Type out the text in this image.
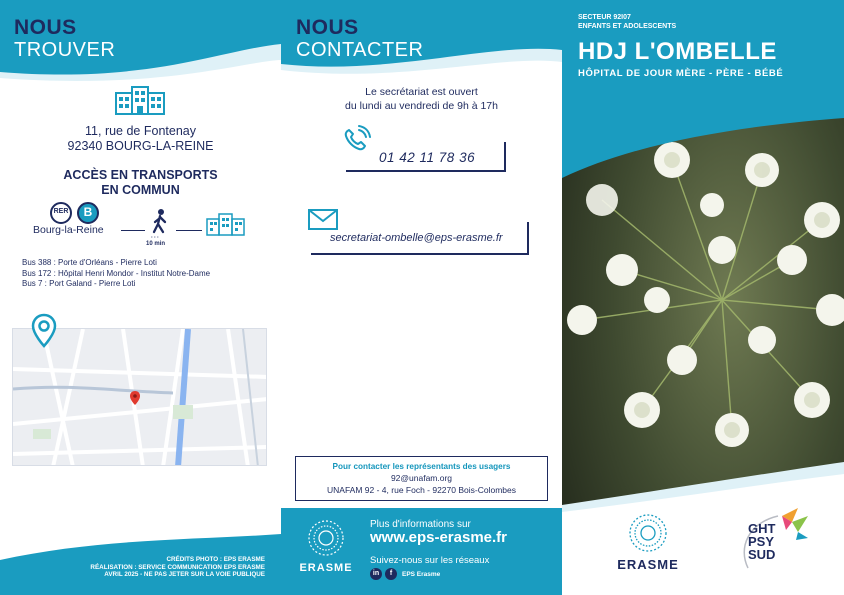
NOUS
TROUVER
11, rue de Fontenay
92340 BOURG-LA-REINE
ACCÈS EN TRANSPORTS
EN COMMUN
RER	B
Bourg-la-Reine
···
10 min
Bus 388 : Porte d'Orléans - Pierre Loti
Bus 172 : Hôpital Henri Mondor - Institut Notre-Dame
Bus 7 : Port Galand - Pierre Loti
CRÉDITS PHOTO : EPS ERASME
RÉALISATION : SERVICE COMMUNICATION EPS ERASME
AVRIL 2025 - NE PAS JETER SUR LA VOIE PUBLIQUE
NOUS
CONTACTER
Le secrétariat est ouvert
du lundi au vendredi de 9h à 17h
01 42 11 78 36
secretariat-ombelle@eps-erasme.fr
Pour contacter les représentants des usagers
92@unafam.org
UNAFAM 92 - 4, rue Foch - 92270 Bois-Colombes
ERASME
Plus d'informations sur
www.eps-erasme.fr
Suivez-nous sur les réseaux
in	f	EPS Erasme
SECTEUR 92I07
ENFANTS ET ADOLESCENTS
HDJ L'OMBELLE
HÔPITAL DE JOUR MÈRE - PÈRE - BÉBÉ
ERASME
GHT
PSY
SUD
